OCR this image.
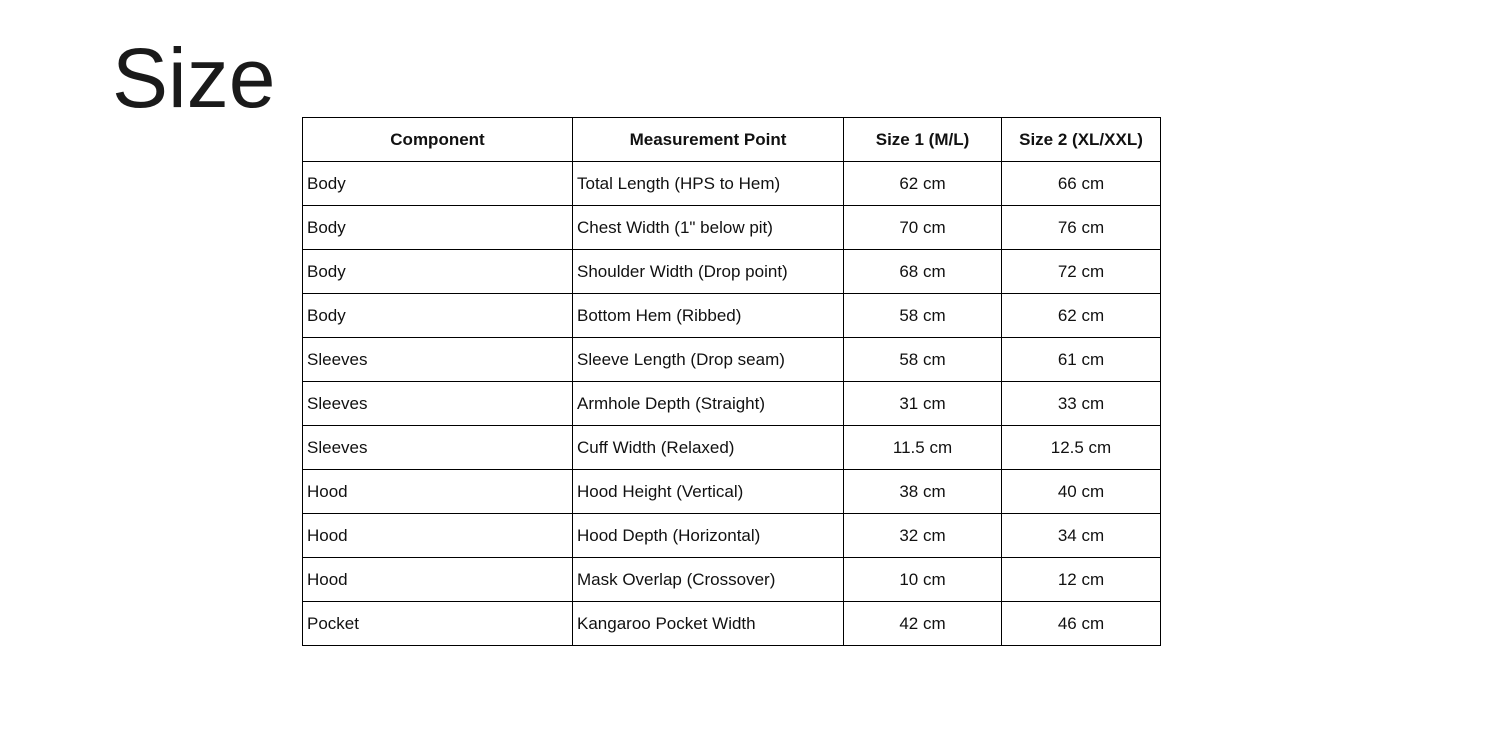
Size
Component	Measurement Point	Size 1 (M/L)	Size 2 (XL/XXL)
Body	Total Length (HPS to Hem)	62 cm	66 cm
Body	Chest Width (1" below pit)	70 cm	76 cm
Body	Shoulder Width (Drop point)	68 cm	72 cm
Body	Bottom Hem (Ribbed)	58 cm	62 cm
Sleeves	Sleeve Length (Drop seam)	58 cm	61 cm
Sleeves	Armhole Depth (Straight)	31 cm	33 cm
Sleeves	Cuff Width (Relaxed)	11.5 cm	12.5 cm
Hood	Hood Height (Vertical)	38 cm	40 cm
Hood	Hood Depth (Horizontal)	32 cm	34 cm
Hood	Mask Overlap (Crossover)	10 cm	12 cm
Pocket	Kangaroo Pocket Width	42 cm	46 cm
